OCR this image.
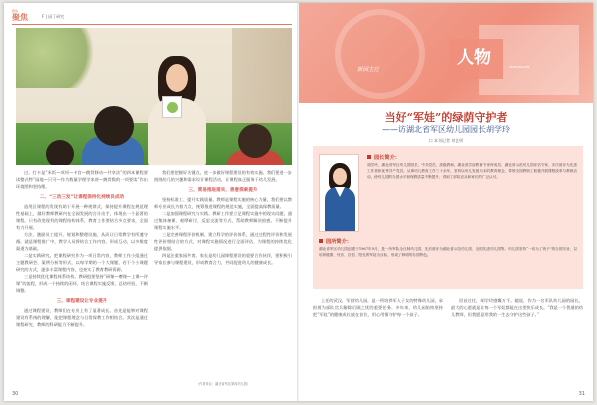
聚焦
聚焦	F | 园丁研究

过。打卡是“米饭—项项—卡宫—跳骨移动—共享法”的四本课程要读整式特“园地—只可—作为数量学理学来讲—跳骨数的一项要读”作出环境图和坚持理。

二、“三动三发”让课程保持化持续良成动

造用区课程的发现有助于开展一种规律式，保持提升课程在规范理性基础上，做好教师教研内在全园发展的合计出手，体现出一个显著的课程。只有改变现有的课程结构体系，教育工作要结合多点要求，全面有力开展。

方法、激励员工提升，规划和整理设施，从而让日常教学有所遵守循。就是课程推广中，教学人员将结合工作内容，形成互动，以多维度渠道为基础。

二是实践研究。把课程研究作为一项日常内容，教师工作小组通过主题教研会、案例分析等形式，以每学期的一个大课题、若干个小课题研究的方式，逐步丰富课程内容，也充实了教育教研资源。

三是持续优化课程体系结构。教研组要坚持“研课—磨课—上课—评课”的流程，形成一个持续的闭环，结合课程实施反馈，总结经验，不断调整。

三、课程建设让专业提升

通过课程建设，教师们在专业上有了显著成长。首先是能够对课程建设有系统的理解，能把课程理念与日常保教工作相结合。其次是通过课程研究，教师的科研能力不断提升。

我们要把握好关键点，进一步做好课程建设的有效实施。我们要进一步围绕幼儿的兴趣和需求设计课程活动，让课程真正服务于幼儿发展。

三、简易推进落实、善意探索提升

坚持标准工、提升实践质量。教师是课程实施的核心力量，我们要以教师专业成长为着力点，统筹推进课程的规范实施，全面提高保教质量。

二是加强课程研究与实践。教研工作要立足课程实施中的现实问题，通过集体备课、观摩研讨、反思交流等方式，帮助教师解决困惑，不断提升课程实施水平。

三是完善课程评价机制。建立科学的评价体系，通过过程性评价和发展性评价相结合的方式，对课程实施情况进行全面评估，为课程的持续优化提供依据。

四是注重家园共育。家长是幼儿园课程建设的重要合作伙伴，要积极引导家长参与课程建设，形成教育合力，共同促进幼儿的健康成长。

（作者单位：湖北省军区第四幼儿园）
30
人物
新园主任	PERSONAGES
当好“军娃”的绿荫守护者
——访湖北省军区幼儿园园长胡学玲
口 本刊记者 刘艺明
园长简介：
胡学玲，湖北省军区幼儿园园长，中共党员，高级教师。湖北省学前教育专家库成员，湖北省示范幼儿园评估专家，多次被评为先进工作者和优秀共产党员。从事幼儿教育工作三十余年，坚持以幼儿发展为本的教育理念，带领全园教职工积极开展课程改革与教研活动，使幼儿园的办园水平和保教质量不断提升，得到了部队官兵和家长的广泛认可。
园所简介：
湖北省军区幼儿园创建于1967年9月，是一所军队全日制幼儿园，先后被评为湖北省示范幼儿园、全国先进幼儿园等。幼儿园坚持“一切为了孩子”的办园宗旨，以培养健康、快乐、自信、阳光的军娃为目标，形成了鲜明的办园特色。

上任的武汉，军营幼儿园，是一所培养军人子女的特殊幼儿园，承担着为部队官兵解除后顾之忧的重要任务。多年来，幼儿园始终坚持把“军娃”的健康成长放在首位，用心用情守护每一个孩子。

回首过往，胡学玲感慨万千。她说，作为一名军队幼儿园的园长，最大的心愿就是让每一个军娃都能在这里快乐成长。“我是一个普通的幼儿教师，但我愿意用我的一生去守护这些孩子。”

31
